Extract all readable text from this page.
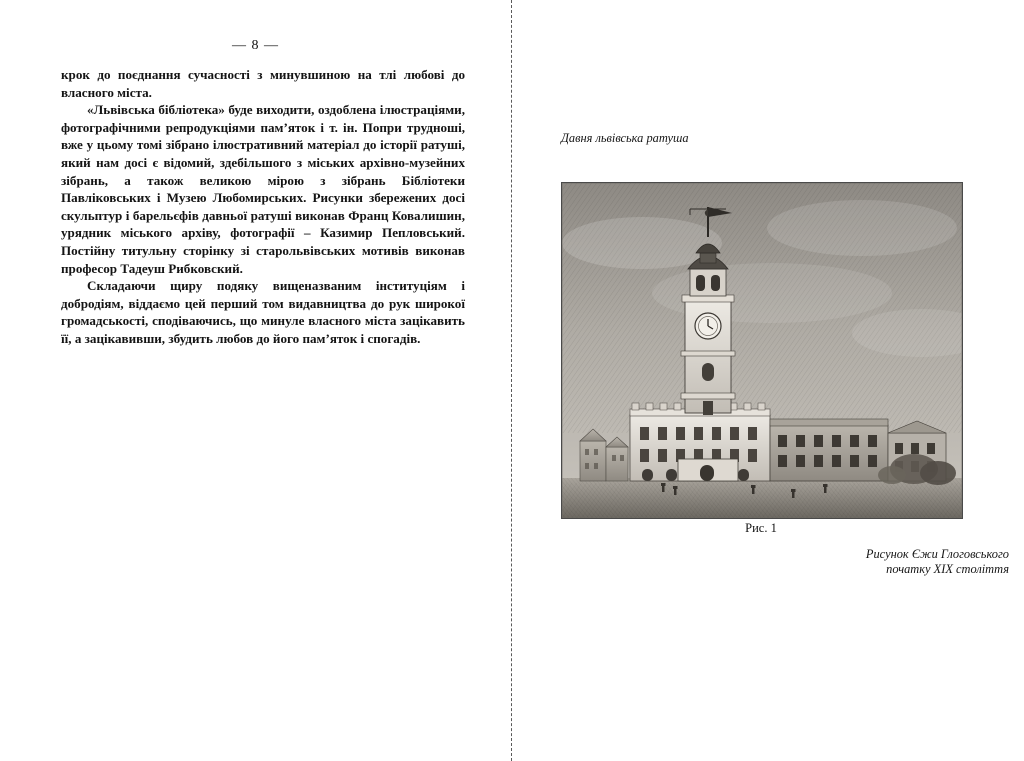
— 8 —

крок до поєднання сучасності з минувшиною на тлі любові до власного міста.

«Львівська бібліотека» буде виходити, оздоблена ілюстраціями, фотографічними репродукціями пам’яток і т. ін. Попри трудноші, вже у цьому томі зібрано ілюстративний матеріал до історії ратуші, який нам досі є відомий, здебільшого з міських архівно-музейних зібрань, а також великою мірою з зібрань Бібліотеки Павліковських і Музею Любомирських. Рисунки збережених досі скульптур і барельєфів давньої ратуші виконав Франц Ковалишин, урядник міського архіву, фотографії – Казимир Пепловський. Постійну титульну сторінку зі старольвівських мотивів виконав професор Тадеуш Рибковский.

Складаючи щиру подяку вищеназваним інституціям і добродіям, віддаємо цей перший том видавництва до рук широкої громадськості, сподіваючись, що минуле власного міста зацікавить її, а зацікавивши, збудить любов до його пам’яток і спогадів.

Давня львівська ратуша
Рис. 1
Рисунок Єжи Глоговського
початку XIX століття
